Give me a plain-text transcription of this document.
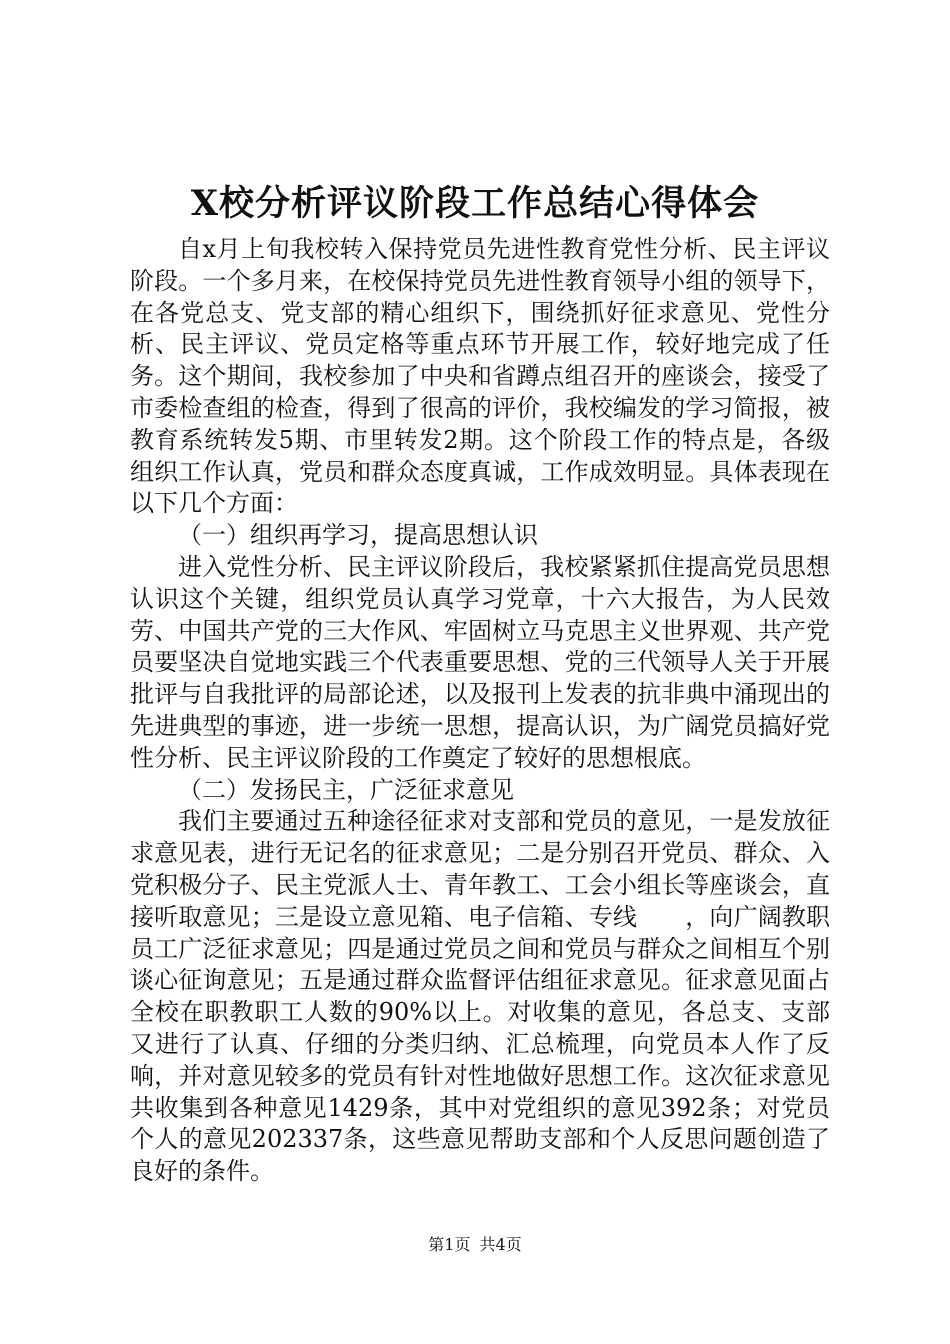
X校分析评议阶段工作总结心得体会

自x月上旬我校转入保持党员先进性教育党性分析、民主评议阶段。一个多月来，在校保持党员先进性教育领导小组的领导下，在各党总支、党支部的精心组织下，围绕抓好征求意见、党性分析、民主评议、党员定格等重点环节开展工作，较好地完成了任务。这个期间，我校参加了中央和省蹲点组召开的座谈会，接受了市委检查组的检查，得到了很高的评价，我校编发的学习简报，被教育系统转发5期、市里转发2期。这个阶段工作的特点是，各级组织工作认真，党员和群众态度真诚，工作成效明显。具体表现在以下几个方面：

（一）组织再学习，提高思想认识

进入党性分析、民主评议阶段后，我校紧紧抓住提高党员思想认识这个关键，组织党员认真学习党章，十六大报告，为人民效劳、中国共产党的三大作风、牢固树立马克思主义世界观、共产党员要坚决自觉地实践三个代表重要思想、党的三代领导人关于开展批评与自我批评的局部论述，以及报刊上发表的抗非典中涌现出的先进典型的事迹，进一步统一思想，提高认识，为广阔党员搞好党性分析、民主评议阶段的工作奠定了较好的思想根底。

（二）发扬民主，广泛征求意见

我们主要通过五种途径征求对支部和党员的意见，一是发放征求意见表，进行无记名的征求意见；二是分别召开党员、群众、入党积极分子、民主党派人士、青年教工、工会小组长等座谈会，直接听取意见；三是设立意见箱、电子信箱、专线　　，向广阔教职员工广泛征求意见；四是通过党员之间和党员与群众之间相互个别谈心征询意见；五是通过群众监督评估组征求意见。征求意见面占全校在职教职工人数的90%以上。对收集的意见，各总支、支部又进行了认真、仔细的分类归纳、汇总梳理，向党员本人作了反响，并对意见较多的党员有针对性地做好思想工作。这次征求意见共收集到各种意见1429条，其中对党组织的意见392条；对党员个人的意见202337条，这些意见帮助支部和个人反思问题创造了良好的条件。

第1页 共4页
